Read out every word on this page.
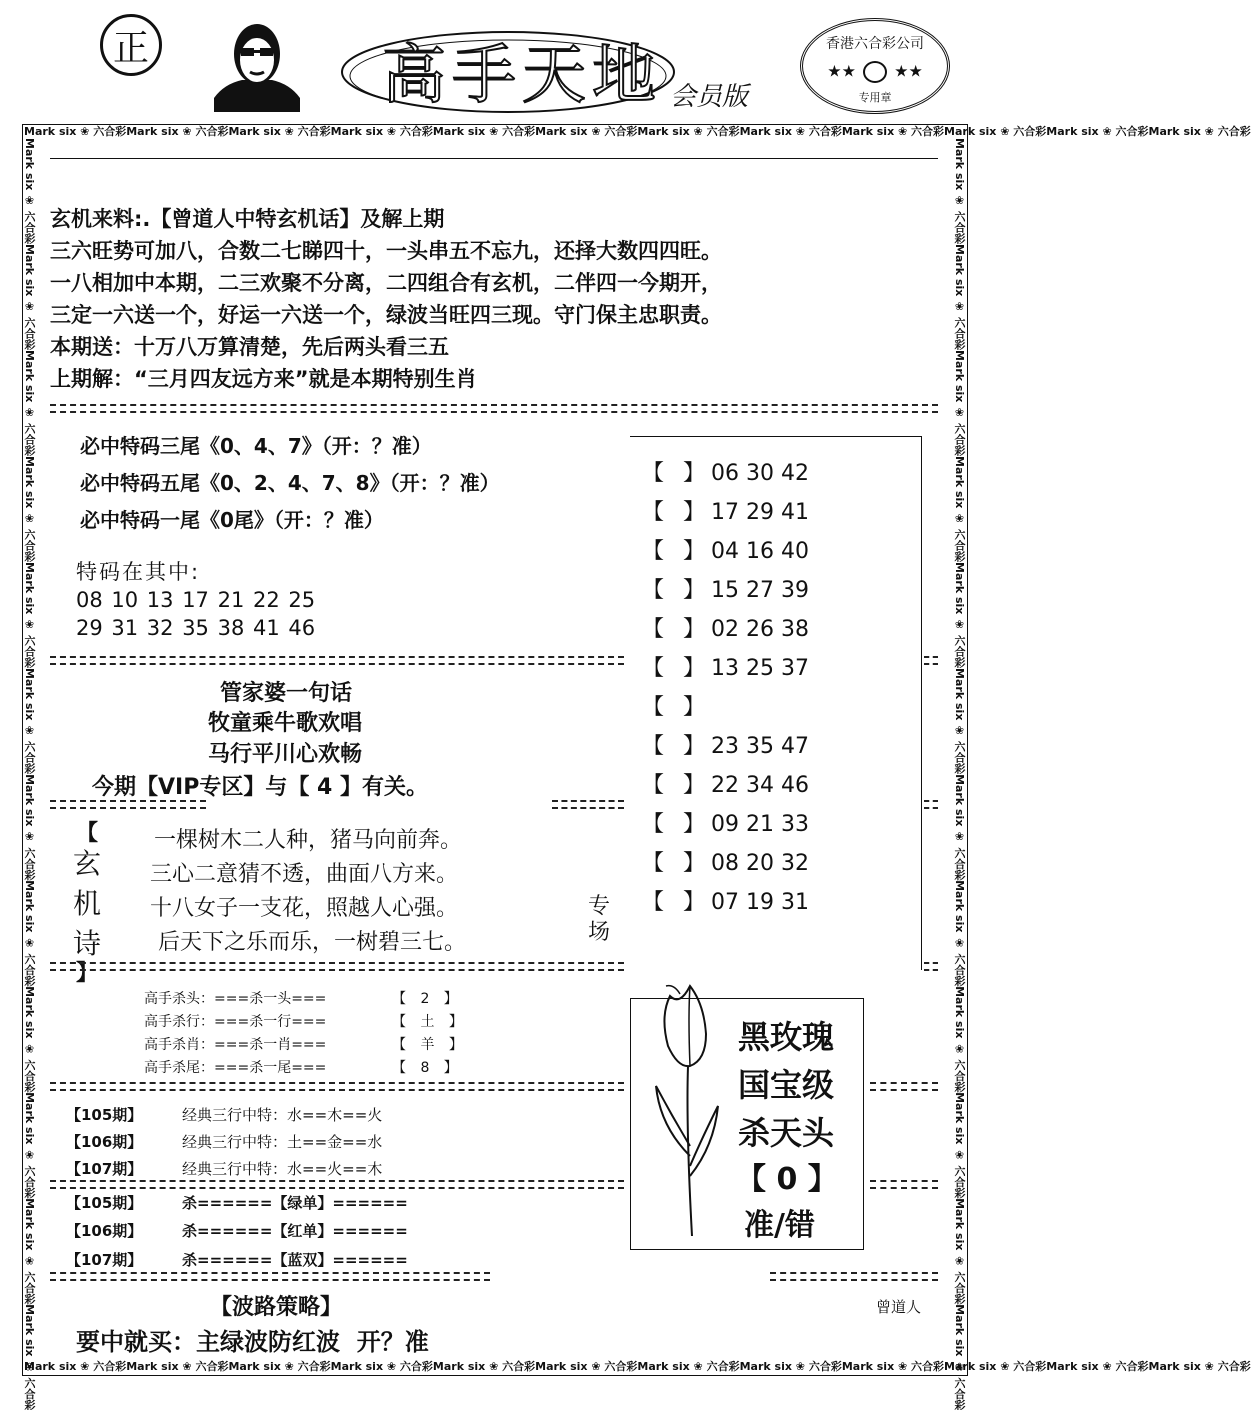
正	高手天地 会员版
香港六合彩公司
★★ ★★
专用章
Mark six ❀ 六合彩Mark six ❀ 六合彩Mark six ❀ 六合彩Mark six ❀ 六合彩Mark six ❀ 六合彩Mark six ❀ 六合彩Mark six ❀ 六合彩Mark six ❀ 六合彩Mark six ❀ 六合彩Mark six ❀ 六合彩Mark six ❀ 六合彩Mark six ❀ 六合彩
Mark six ❀ 六合彩Mark six ❀ 六合彩Mark six ❀ 六合彩Mark six ❀ 六合彩Mark six ❀ 六合彩Mark six ❀ 六合彩Mark six ❀ 六合彩Mark six ❀ 六合彩Mark six ❀ 六合彩Mark six ❀ 六合彩Mark six ❀ 六合彩Mark six ❀ 六合彩
Mark six ❀ 六合彩Mark six ❀ 六合彩Mark six ❀ 六合彩Mark six ❀ 六合彩Mark six ❀ 六合彩Mark six ❀ 六合彩Mark six ❀ 六合彩Mark six ❀ 六合彩Mark six ❀ 六合彩Mark six ❀ 六合彩Mark six ❀ 六合彩Mark six ❀ 六合彩	Mark six ❀ 六合彩Mark six ❀ 六合彩Mark six ❀ 六合彩Mark six ❀ 六合彩Mark six ❀ 六合彩Mark six ❀ 六合彩Mark six ❀ 六合彩Mark six ❀ 六合彩Mark six ❀ 六合彩Mark six ❀ 六合彩Mark six ❀ 六合彩Mark six ❀ 六合彩
玄机来料:.【曾道人中特玄机话】及解上期
三六旺势可加八，合数二七睇四十，一头串五不忘九，还择大数四四旺。
一八相加中本期，二三欢聚不分离，二四组合有玄机，二伴四一今期开，
三定一六送一个，好运一六送一个，绿波当旺四三现。守门保主忠职责。
本期送：十万八万算清楚，先后两头看三五
上期解：“三月四友远方来”就是本期特别生肖
必中特码三尾《0、4、7》（开：？准）
必中特码五尾《0、2、4、7、8》（开：？准）
必中特码一尾《0尾》（开：？准）
特码在其中:
08 10 13 17 21 22 25
29 31 32 35 38 41 46
【 】06 30 42
【 】17 29 41
【 】04 16 40
【 】15 27 39
【 】02 26 38
【 】13 25 37
【 】
【 】23 35 47
【 】22 34 46
【 】09 21 33
【 】08 20 32
【 】07 19 31
专场
管家婆一句话
牧童乘牛歌欢唱
马行平川心欢畅
今期【VIP专区】与【 4 】有关。
【
玄机诗
】
一棵树木二人种，猪马向前奔。
三心二意猜不透，曲面八方来。
十八女子一支花，照越人心强。
后天下之乐而乐，一树碧三七。
高手杀头：===杀一头===	【 2 】
高手杀行：===杀一行===	【 土 】
高手杀肖：===杀一肖===	【 羊 】
高手杀尾：===杀一尾===	【 8 】
黑玫瑰
国宝级
杀天头
【 0 】
准/错
【105期】	经典三行中特：水==木==火
【106期】	经典三行中特：土==金==水
【107期】	经典三行中特：水==火==木
【105期】	杀======【绿单】======
【106期】	杀======【红单】======
【107期】	杀======【蓝双】======
【波路策略】
要中就买：主绿波防红波  开？准
曾道人
